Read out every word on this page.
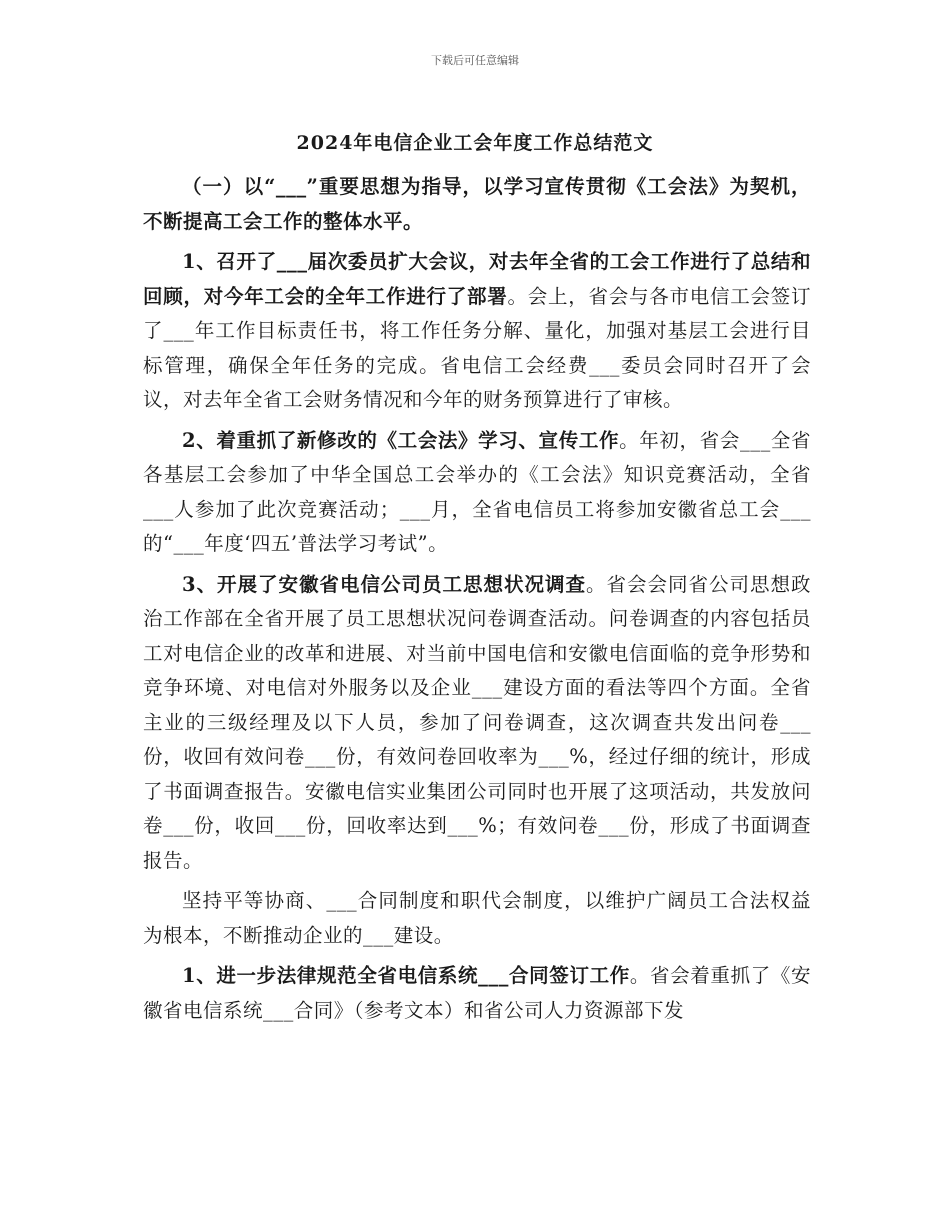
下载后可任意编辑
2024年电信企业工会年度工作总结范文

（一）以“___”重要思想为指导，以学习宣传贯彻《工会法》为契机，不断提高工会工作的整体水平。

1、召开了___届次委员扩大会议，对去年全省的工会工作进行了总结和回顾，对今年工会的全年工作进行了部署。会上，省会与各市电信工会签订了___年工作目标责任书，将工作任务分解、量化，加强对基层工会进行目标管理，确保全年任务的完成。省电信工会经费___委员会同时召开了会议，对去年全省工会财务情况和今年的财务预算进行了审核。

2、着重抓了新修改的《工会法》学习、宣传工作。年初，省会___全省各基层工会参加了中华全国总工会举办的《工会法》知识竞赛活动，全省___人参加了此次竞赛活动；___月，全省电信员工将参加安徽省总工会___的“___年度‘四五’普法学习考试”。

3、开展了安徽省电信公司员工思想状况调查。省会会同省公司思想政治工作部在全省开展了员工思想状况问卷调查活动。问卷调查的内容包括员工对电信企业的改革和进展、对当前中国电信和安徽电信面临的竞争形势和竞争环境、对电信对外服务以及企业___建设方面的看法等四个方面。全省主业的三级经理及以下人员，参加了问卷调查，这次调查共发出问卷___份，收回有效问卷___份，有效问卷回收率为___%，经过仔细的统计，形成了书面调查报告。安徽电信实业集团公司同时也开展了这项活动，共发放问卷___份，收回___份，回收率达到___%；有效问卷___份，形成了书面调查报告。

坚持平等协商、___合同制度和职代会制度，以维护广阔员工合法权益为根本，不断推动企业的___建设。

1、进一步法律规范全省电信系统___合同签订工作。省会着重抓了《安徽省电信系统___合同》（参考文本）和省公司人力资源部下发
